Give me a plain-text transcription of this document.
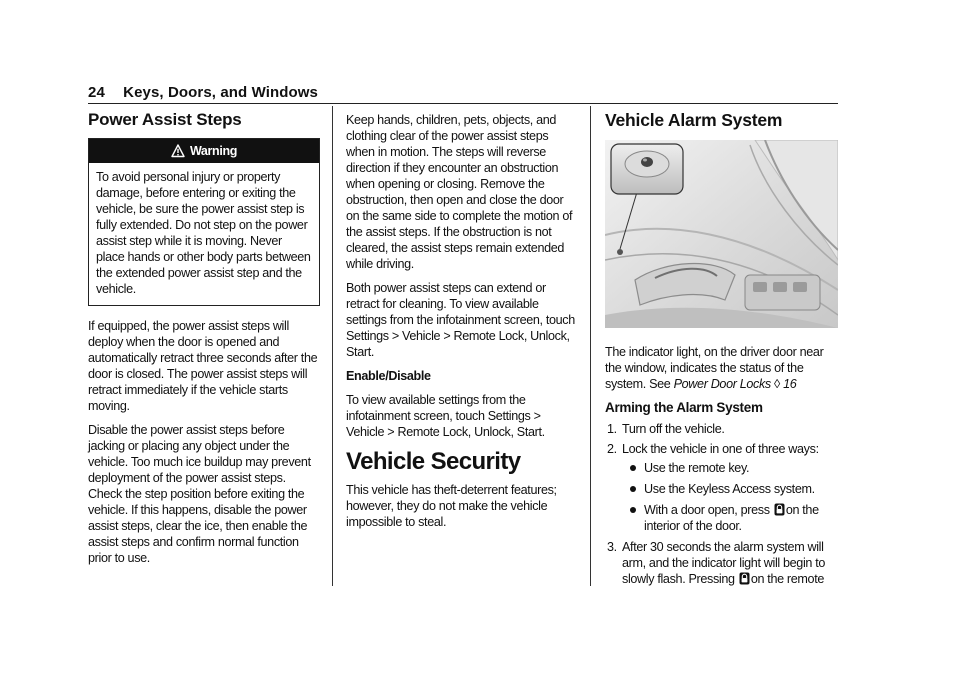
24 Keys, Doors, and Windows
Power Assist Steps
Warning
To avoid personal injury or property damage, before entering or exiting the vehicle, be sure the power assist step is fully extended. Do not step on the power assist step while it is moving. Never place hands or other body parts between the extended power assist step and the vehicle.

If equipped, the power assist steps will deploy when the door is opened and automatically retract three seconds after the door is closed. The power assist steps will retract immediately if the vehicle starts moving.

Disable the power assist steps before jacking or placing any object under the vehicle. Too much ice buildup may prevent deployment of the power assist steps. Check the step position before exiting the vehicle. If this happens, disable the power assist steps, clear the ice, then enable the assist steps and confirm normal function prior to use.

Keep hands, children, pets, objects, and clothing clear of the power assist steps when in motion. The steps will reverse direction if they encounter an obstruction when opening or closing. Remove the obstruction, then open and close the door on the same side to complete the motion of the assist steps. If the obstruction is not cleared, the assist steps remain extended while driving.

Both power assist steps can extend or retract for cleaning. To view available settings from the infotainment screen, touch Settings > Vehicle > Remote Lock, Unlock, Start.

Enable/Disable

To view available settings from the infotainment screen, touch Settings > Vehicle > Remote Lock, Unlock, Start.

Vehicle Security

This vehicle has theft-deterrent features; however, they do not make the vehicle impossible to steal.

Vehicle Alarm System

The indicator light, on the driver door near the window, indicates the status of the system. See Power Door Locks ◊ 16

Arming the Alarm System
1. Turn off the vehicle.
2. Lock the vehicle in one of three ways:
Use the remote key.
Use the Keyless Access system.
With a door open, press on the interior of the door.
3. After 30 seconds the alarm system will arm, and the indicator light will begin to slowly flash. Pressing on the remote
